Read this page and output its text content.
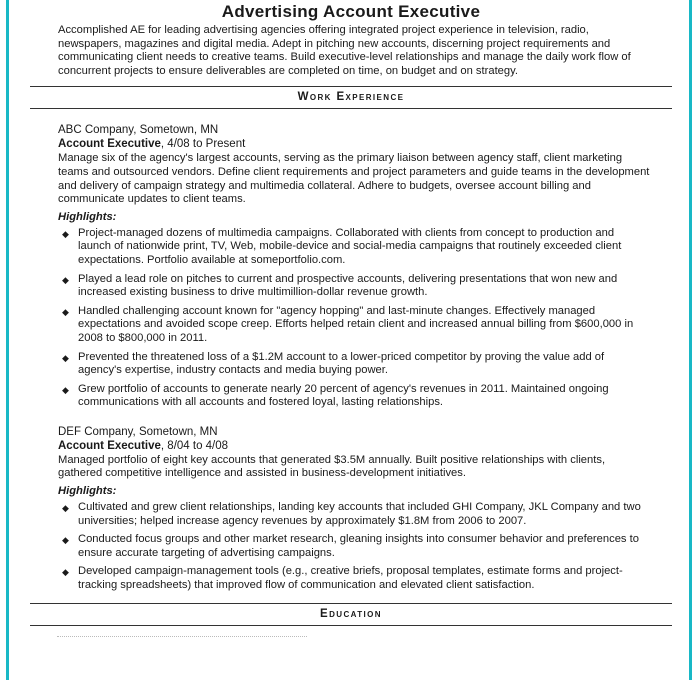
Advertising Account Executive
Accomplished AE for leading advertising agencies offering integrated project experience in television, radio, newspapers, magazines and digital media. Adept in pitching new accounts, discerning project requirements and communicating client needs to creative teams. Build executive-level relationships and manage the daily work flow of concurrent projects to ensure deliverables are completed on time, on budget and on strategy.
Work Experience
ABC Company, Sometown, MN
Account Executive, 4/08 to Present
Manage six of the agency's largest accounts, serving as the primary liaison between agency staff, client marketing teams and outsourced vendors. Define client requirements and project parameters and guide teams in the development and delivery of campaign strategy and multimedia collateral. Adhere to budgets, oversee account billing and communicate updates to client teams.
Highlights:
◆ Project-managed dozens of multimedia campaigns. Collaborated with clients from concept to production and launch of nationwide print, TV, Web, mobile-device and social-media campaigns that routinely exceeded client expectations. Portfolio available at someportfolio.com.
◆ Played a lead role on pitches to current and prospective accounts, delivering presentations that won new and increased existing business to drive multimillion-dollar revenue growth.
◆ Handled challenging account known for "agency hopping" and last-minute changes. Effectively managed expectations and avoided scope creep. Efforts helped retain client and increased annual billing from $600,000 in 2008 to $800,000 in 2011.
◆ Prevented the threatened loss of a $1.2M account to a lower-priced competitor by proving the value add of agency's expertise, industry contacts and media buying power.
◆ Grew portfolio of accounts to generate nearly 20 percent of agency's revenues in 2011. Maintained ongoing communications with all accounts and fostered loyal, lasting relationships.
DEF Company, Sometown, MN
Account Executive, 8/04 to 4/08
Managed portfolio of eight key accounts that generated $3.5M annually. Built positive relationships with clients, gathered competitive intelligence and assisted in business-development initiatives.
Highlights:
◆ Cultivated and grew client relationships, landing key accounts that included GHI Company, JKL Company and two universities; helped increase agency revenues by approximately $1.8M from 2006 to 2007.
◆ Conducted focus groups and other market research, gleaning insights into consumer behavior and preferences to ensure accurate targeting of advertising campaigns.
◆ Developed campaign-management tools (e.g., creative briefs, proposal templates, estimate forms and project-tracking spreadsheets) that improved flow of communication and elevated client satisfaction.
Education
